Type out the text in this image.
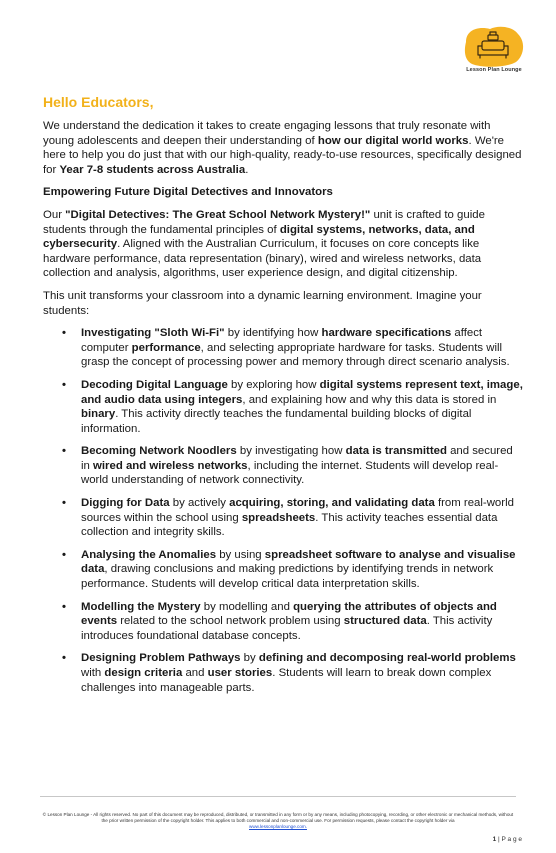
Lesson Plan Lounge
Hello Educators,

We understand the dedication it takes to create engaging lessons that truly resonate with young adolescents and deepen their understanding of how our digital world works. We're here to help you do just that with our high-quality, ready-to-use resources, specifically designed for Year 7-8 students across Australia.

Empowering Future Digital Detectives and Innovators

Our "Digital Detectives: The Great School Network Mystery!" unit is crafted to guide students through the fundamental principles of digital systems, networks, data, and cybersecurity. Aligned with the Australian Curriculum, it focuses on core concepts like hardware performance, data representation (binary), wired and wireless networks, data collection and analysis, algorithms, user experience design, and digital citizenship.

This unit transforms your classroom into a dynamic learning environment. Imagine your students:

• Investigating "Sloth Wi-Fi" by identifying how hardware specifications affect computer performance, and selecting appropriate hardware for tasks. Students will grasp the concept of processing power and memory through direct scenario analysis.
• Decoding Digital Language by exploring how digital systems represent text, image, and audio data using integers, and explaining how and why this data is stored in binary. This activity directly teaches the fundamental building blocks of digital information.
• Becoming Network Noodlers by investigating how data is transmitted and secured in wired and wireless networks, including the internet. Students will develop real-world understanding of network connectivity.
• Digging for Data by actively acquiring, storing, and validating data from real-world sources within the school using spreadsheets. This activity teaches essential data collection and integrity skills.
• Analysing the Anomalies by using spreadsheet software to analyse and visualise data, drawing conclusions and making predictions by identifying trends in network performance. Students will develop critical data interpretation skills.
• Modelling the Mystery by modelling and querying the attributes of objects and events related to the school network problem using structured data. This activity introduces foundational database concepts.
• Designing Problem Pathways by defining and decomposing real-world problems with design criteria and user stories. Students will learn to break down complex challenges into manageable parts.
© Lesson Plan Lounge - All rights reserved. No part of this document may be reproduced, distributed, or transmitted in any form or by any means, including photocopying, recording, or other electronic or mechanical methods, without the prior written permission of the copyright holder. This applies to both commercial and non-commercial use. For permission requests, please contact the copyright holder via
www.lessonplanlounge.com.
1 | P a g e
